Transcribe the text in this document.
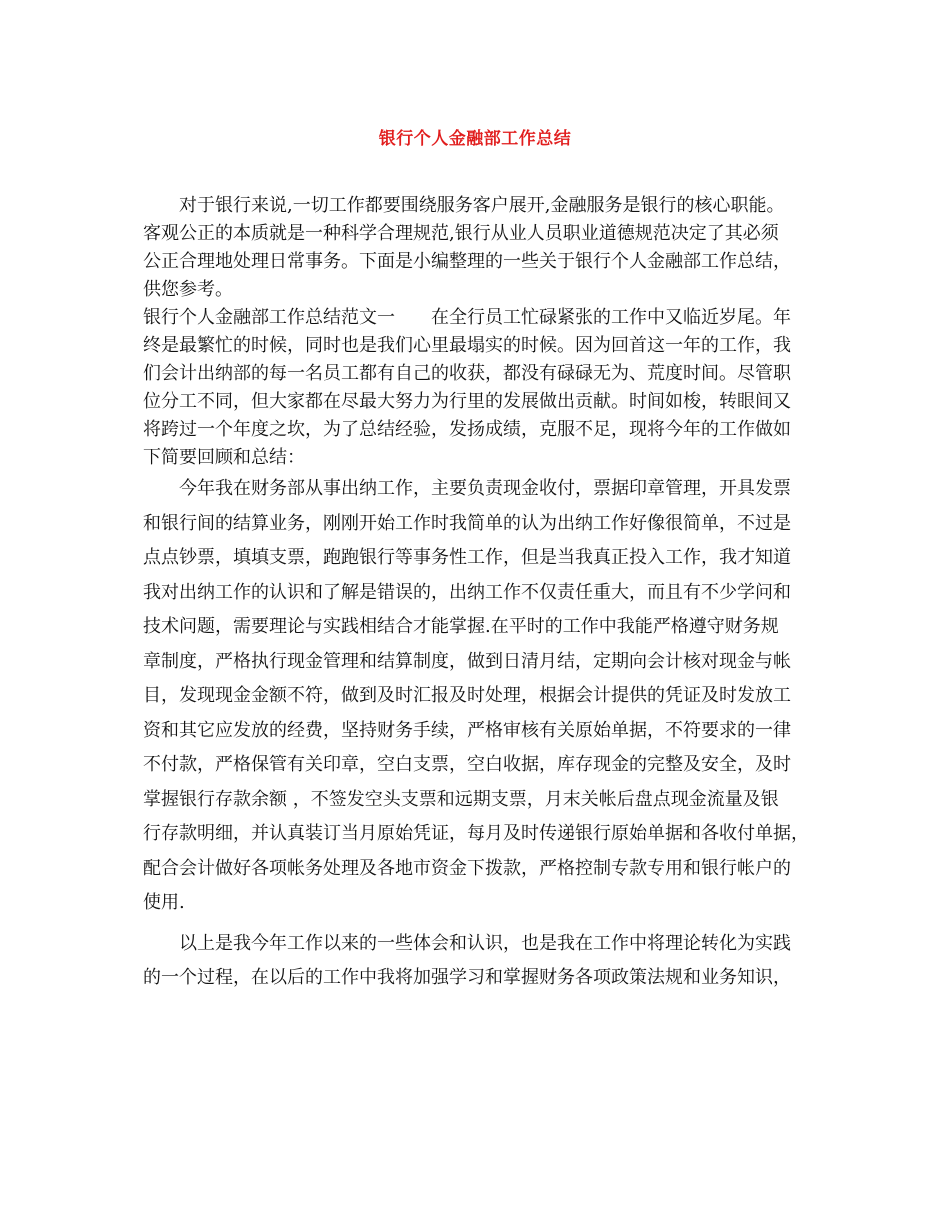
银行个人金融部工作总结

对于银行来说,一切工作都要围绕服务客户展开,金融服务是银行的核心职能。
客观公正的本质就是一种科学合理规范,银行从业人员职业道德规范决定了其必须
公正合理地处理日常事务。下面是小编整理的一些关于银行个人金融部工作总结，
供您参考。

银行个人金融部工作总结范文一　　在全行员工忙碌紧张的工作中又临近岁尾。年
终是最繁忙的时候，同时也是我们心里最塌实的时候。因为回首这一年的工作，我
们会计出纳部的每一名员工都有自己的收获，都没有碌碌无为、荒度时间。尽管职
位分工不同，但大家都在尽最大努力为行里的发展做出贡献。时间如梭，转眼间又
将跨过一个年度之坎，为了总结经验，发扬成绩，克服不足，现将今年的工作做如
下简要回顾和总结：

今年我在财务部从事出纳工作，主要负责现金收付，票据印章管理，开具发票
和银行间的结算业务，刚刚开始工作时我简单的认为出纳工作好像很简单，不过是
点点钞票，填填支票，跑跑银行等事务性工作，但是当我真正投入工作，我才知道
我对出纳工作的认识和了解是错误的，出纳工作不仅责任重大，而且有不少学问和
技术问题，需要理论与实践相结合才能掌握.在平时的工作中我能严格遵守财务规
章制度，严格执行现金管理和结算制度，做到日清月结，定期向会计核对现金与帐
目，发现现金金额不符，做到及时汇报及时处理，根据会计提供的凭证及时发放工
资和其它应发放的经费，坚持财务手续，严格审核有关原始单据，不符要求的一律
不付款，严格保管有关印章，空白支票，空白收据，库存现金的完整及安全，及时
掌握银行存款余额 ，不签发空头支票和远期支票，月末关帐后盘点现金流量及银
行存款明细，并认真装订当月原始凭证，每月及时传递银行原始单据和各收付单据，
配合会计做好各项帐务处理及各地市资金下拨款，严格控制专款专用和银行帐户的
使用.

以上是我今年工作以来的一些体会和认识，也是我在工作中将理论转化为实践
的一个过程，在以后的工作中我将加强学习和掌握财务各项政策法规和业务知识，
